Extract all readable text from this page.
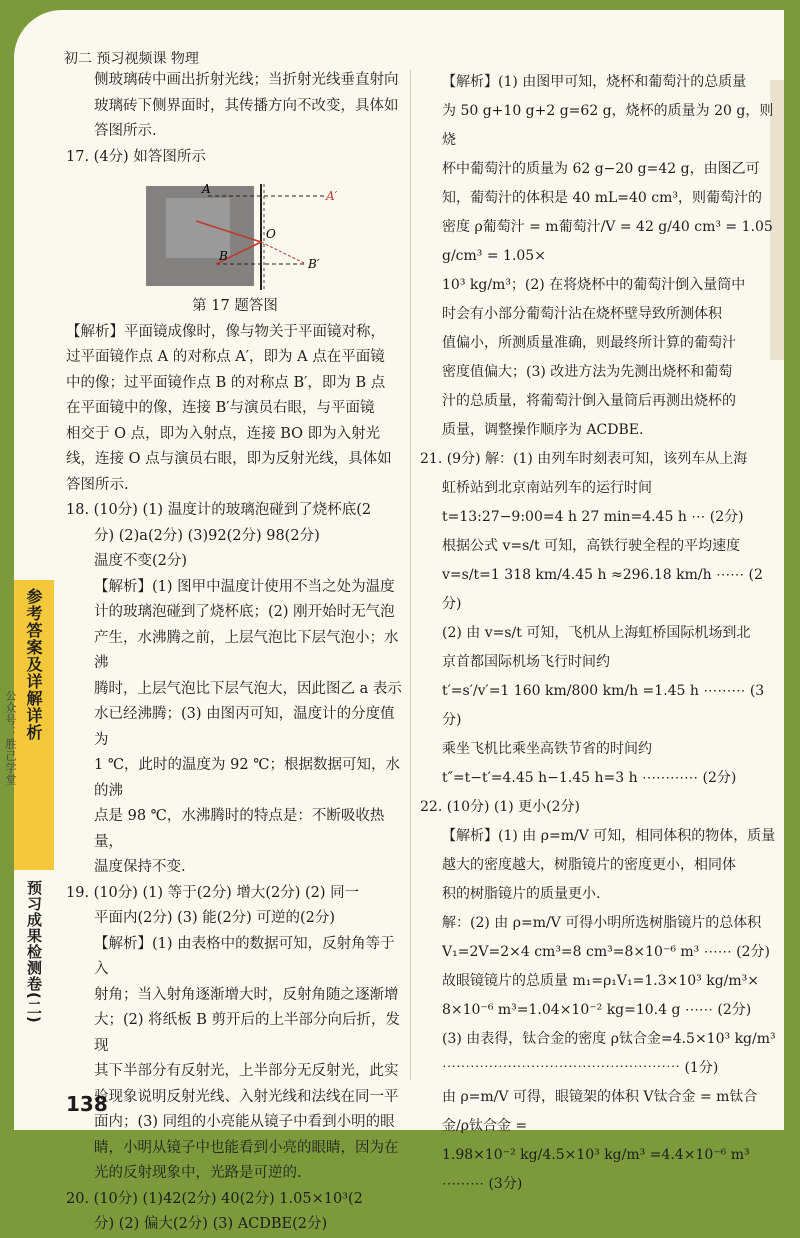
参考答案及详解详析
公众号：胜己学堂
预习成果检测卷(二)
初二 预习视频课 物理

侧玻璃砖中画出折射光线；当折射光线垂直射向

玻璃砖下侧界面时，其传播方向不改变，具体如

答图所示.

17. (4分) 如答图所示

A	A′
O
B
B′

第 17 题答图

【解析】平面镜成像时，像与物关于平面镜对称，

过平面镜作点 A 的对称点 A′，即为 A 点在平面镜

中的像；过平面镜作点 B 的对称点 B′，即为 B 点

在平面镜中的像，连接 B′与演员右眼，与平面镜

相交于 O 点，即为入射点，连接 BO 即为入射光

线，连接 O 点与演员右眼，即为反射光线，具体如

答图所示.

18. (10分) (1) 温度计的玻璃泡碰到了烧杯底(2

分) (2)a(2分) (3)92(2分) 98(2分)

温度不变(2分)

【解析】(1) 图甲中温度计使用不当之处为温度

计的玻璃泡碰到了烧杯底；(2) 刚开始时无气泡

产生，水沸腾之前，上层气泡比下层气泡小；水沸

腾时，上层气泡比下层气泡大，因此图乙 a 表示

水已经沸腾；(3) 由图丙可知，温度计的分度值为

1 ℃，此时的温度为 92 ℃；根据数据可知，水的沸

点是 98 ℃，水沸腾时的特点是：不断吸收热量，

温度保持不变.

19. (10分) (1) 等于(2分) 增大(2分) (2) 同一

平面内(2分) (3) 能(2分) 可逆的(2分)

【解析】(1) 由表格中的数据可知，反射角等于入

射角；当入射角逐渐增大时，反射角随之逐渐增

大；(2) 将纸板 B 剪开后的上半部分向后折，发现

其下半部分有反射光，上半部分无反射光，此实

验现象说明反射光线、入射光线和法线在同一平

面内；(3) 同组的小亮能从镜子中看到小明的眼

睛，小明从镜子中也能看到小亮的眼睛，因为在

光的反射现象中，光路是可逆的.

20. (10分) (1)42(2分) 40(2分) 1.05×10³(2

分) (2) 偏大(2分) (3) ACDBE(2分)

【解析】(1) 由图甲可知，烧杯和葡萄汁的总质量

为 50 g+10 g+2 g=62 g，烧杯的质量为 20 g，则烧

杯中葡萄汁的质量为 62 g−20 g=42 g，由图乙可

知，葡萄汁的体积是 40 mL=40 cm³，则葡萄汁的

密度 ρ葡萄汁 = m葡萄汁/V = 42 g/40 cm³ = 1.05 g/cm³ = 1.05×

10³ kg/m³；(2) 在将烧杯中的葡萄汁倒入量筒中

时会有小部分葡萄汁沾在烧杯壁导致所测体积

值偏小，所测质量准确，则最终所计算的葡萄汁

密度值偏大；(3) 改进方法为先测出烧杯和葡萄

汁的总质量，将葡萄汁倒入量筒后再测出烧杯的

质量，调整操作顺序为 ACDBE.

21. (9分) 解：(1) 由列车时刻表可知，该列车从上海

虹桥站到北京南站列车的运行时间

t=13:27−9:00=4 h 27 min=4.45 h ⋯ (2分)

根据公式 v=s/t 可知，高铁行驶全程的平均速度

v=s/t=1 318 km/4.45 h ≈296.18 km/h ⋯⋯ (2分)

(2) 由 v=s/t 可知，飞机从上海虹桥国际机场到北

京首都国际机场飞行时间约

t′=s′/v′=1 160 km/800 km/h =1.45 h ⋯⋯⋯ (3分)

乘坐飞机比乘坐高铁节省的时间约

t″=t−t′=4.45 h−1.45 h=3 h ⋯⋯⋯⋯ (2分)

22. (10分) (1) 更小(2分)

【解析】(1) 由 ρ=m/V 可知，相同体积的物体，质量

越大的密度越大，树脂镜片的密度更小，相同体

积的树脂镜片的质量更小.

解：(2) 由 ρ=m/V 可得小明所选树脂镜片的总体积

V₁=2V=2×4 cm³=8 cm³=8×10⁻⁶ m³ ⋯⋯ (2分)

故眼镜镜片的总质量 m₁=ρ₁V₁=1.3×10³ kg/m³×

8×10⁻⁶ m³=1.04×10⁻² kg=10.4 g ⋯⋯ (2分)

(3) 由表得，钛合金的密度 ρ钛合金=4.5×10³ kg/m³

⋯⋯⋯⋯⋯⋯⋯⋯⋯⋯⋯⋯⋯⋯⋯⋯⋯ (1分)

由 ρ=m/V 可得，眼镜架的体积 V钛合金 = m钛合金/ρ钛合金 =

1.98×10⁻² kg/4.5×10³ kg/m³ =4.4×10⁻⁶ m³ ⋯⋯⋯ (3分)

138
